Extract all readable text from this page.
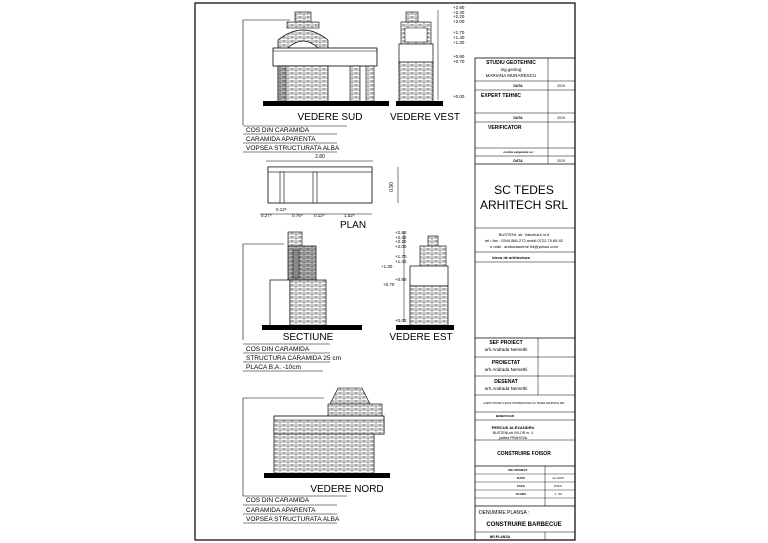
VEDERE SUD
COS DIN CARAMIDA
CARAMIDA APARENTA
VOPSEA STRUCTURATA ALBA
+2.80
+2.40
+2.20
+2.00
+1.70
+1.40
+1.30
+0.90
+0.70
+0.00
VEDERE VEST
2.80
0.90
0.27⁵
0.12⁵
0.75⁵	0.12⁵	1.52⁵
PLAN
SECTIUNE
COS DIN CARAMIDA
STRUCTURA CARAMIDA 25 cm
PLACA B.A. -10cm
+2.80
+2.40
+2.20
+2.00
+1.70
+1.40
+1.30
+0.90
+0.70
+0.00
VEDERE EST
VEDERE NORD
COS DIN CARAMIDA
CARAMIDA APARENTA
VOPSEA STRUCTURATA ALBA
STUDIU GEOTEHNIC
ing.geolog
MARIANA MURARESCU
DATA	2015
EXPERT TEHNIC
DATA	2015
VERIFICATOR
cerinte exigentele se :
DATA	2015
SC TEDES
ARHITECH SRL
BUSTENI, str. Valcelului nr.8
tel / fax : 0344.880.272,mobil 0722.75.68.92
e-mail : andradaneme thi@yahoo.com
birou de arhitectura
SEF PROIECT
arh.Andrada Nemethi
PROIECTAT
arh.Andrada Nemethi
DESENAT
arh.Andrada Nemethi
ACEST PROIECT ESTE PROPRIETATEA SC TEDES ARHITECH SRL
BENEFICIAR
PERCUS ALEXANDRU
BUSTENI,str.VIILOR nr. 4
judetul PRAHOVA
CONSTRUIRE FOISOR
NR. PROIECT
DATA	iun.2015
FAZA	DTAC
SCARA	1 : 50
DENUMIRE PLANSA :
CONSTRUIRE BARBECUE
NR.PLANSA
